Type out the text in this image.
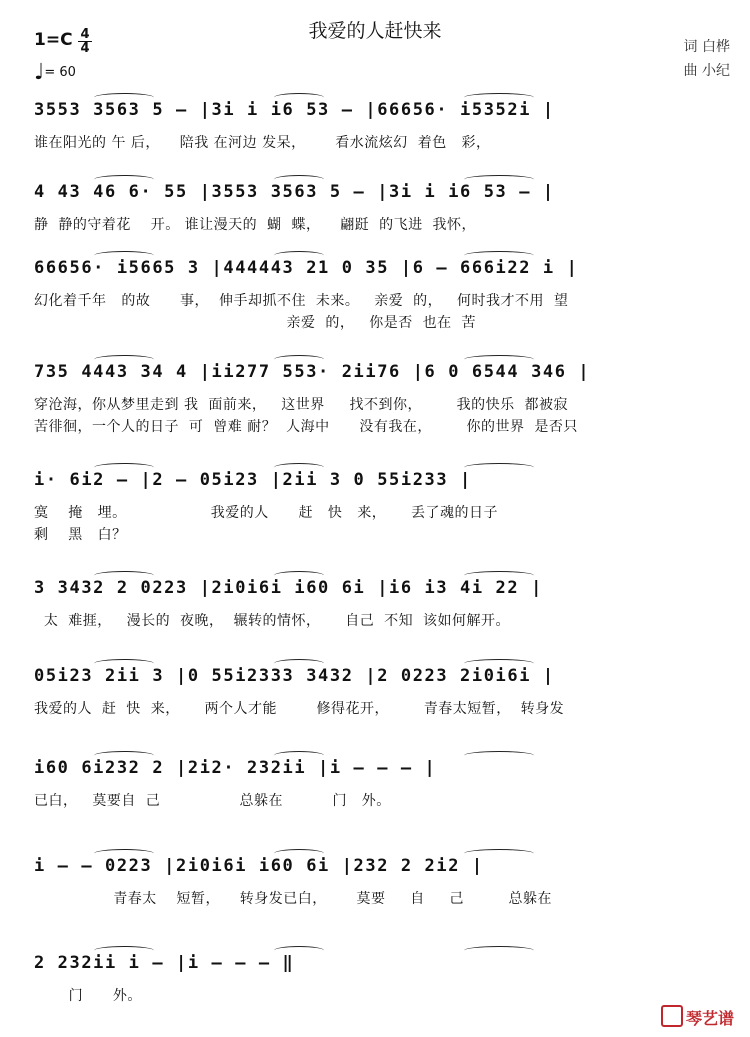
我爱的人赶快来
1=C 4
4
♩= 60
词 白桦
曲 小纪
3553 3563 5 – |3i i i6 53 – |66656· i5352i |
谁在阳光的 午 后，    陪我 在河边 发呆，      看水流炫幻  着色   彩，
4 43 46 6· 55 |3553 3563 5 – |3i i i6 53 – |
静  静的守着花    开。 谁让漫天的  蝴  蝶，    翩跹  的飞进  我怀，
66656· i5665 3 |444443 21 0 35 |6 – 666i22 i |
幻化着千年   的故      事，  伸手却抓不住  未来。   亲爱  的，   何时我才不用  望
亲爱  的，   你是否  也在  苦
735 4443 34 4 |ii277 553· 2ii76 |6 0 6544 346 |
穿沧海，你从梦里走到 我  面前来，   这世界     找不到你，       我的快乐  都被寂
苦徘徊，一个人的日子  可  曾难 耐？  人海中      没有我在，       你的世界  是否只
i· 6i2 – |2 – 05i23 |2ii 3 0 55i233 |
寞    掩   埋。                 我爱的人      赶   快   来，     丢了魂的日子
剩    黑   白？
3 3432 2 0223 |2i0i6i i60 6i |i6 i3 4i 22 |
太  难捱，   漫长的  夜晚，  辗转的情怀，     自己  不知  该如何解开。
05i23 2ii 3 |0 55i2333 3432 |2 0223 2i0i6i |
我爱的人  赶  快  来，     两个人才能        修得花开，       青春太短暂，  转身发
i60 6i232 2 |2i2· 232ii |i – – – |
已白，   莫要自  己                总躲在          门   外。
i – – 0223 |2i0i6i i60 6i |232 2 2i2 |
青春太    短暂，    转身发已白，      莫要     自     己         总躲在
2 232ii i – |i – – – ‖
门      外。
琴艺谱
